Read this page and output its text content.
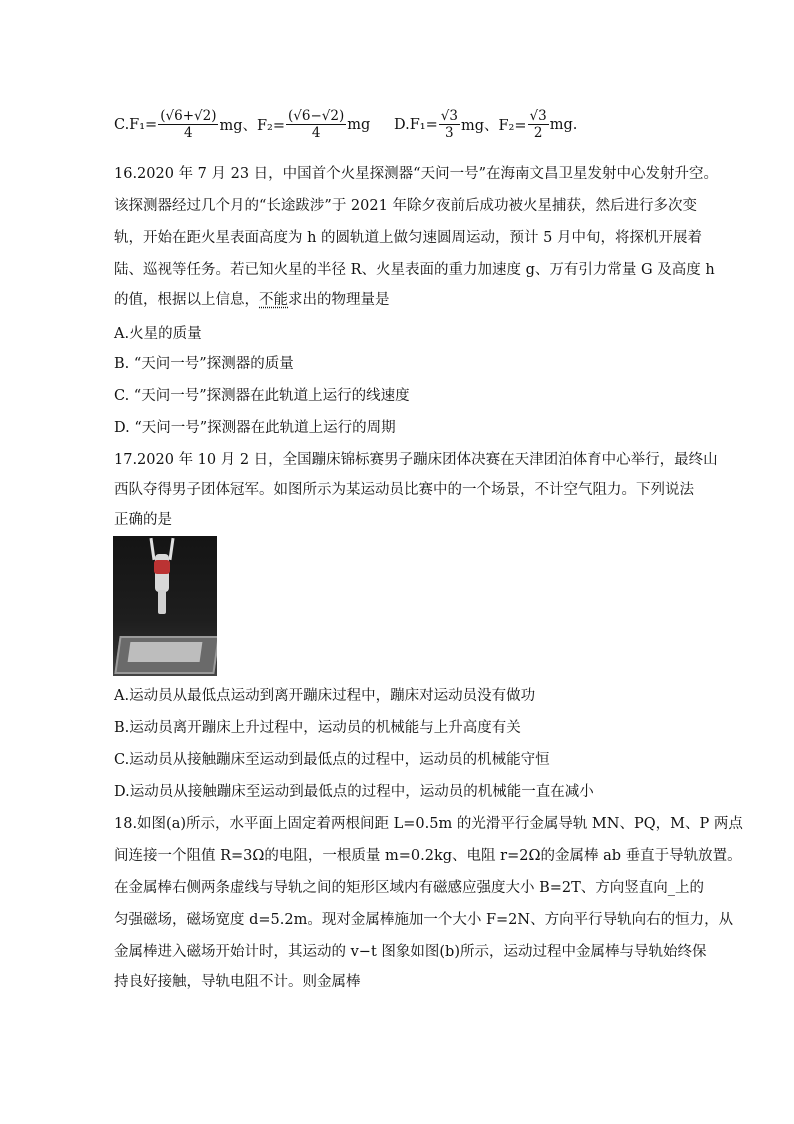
$C.F_1= \frac{(√6+√2)}{4}$ mg、$F_2= \frac{(√6-√2)}{4}$ mg $D.F_1= \frac{√3}{3}$ mg、$F_2= \frac{√3}{2}$ mg.
16.2020 年 7 月 23 日，中国首个火星探测器“天问一号”在海南文昌卫星发射中心发射升空。
该探测器经过几个月的“长途跋涉”于 2021 年除夕夜前后成功被火星捕获，然后进行多次变
轨，开始在距火星表面高度为 h 的圆轨道上做匀速圆周运动，预计 5 月中旬，将探机开展着
陆、巡视等任务。若已知火星的半径 R、火星表面的重力加速度 g、万有引力常量 G 及高度 h
的值，根据以上信息，不能求出的物理量是
A.火星的质量
B. “天问一号”探测器的质量
C. “天问一号”探测器在此轨道上运行的线速度
D. “天问一号”探测器在此轨道上运行的周期
17.2020 年 10 月 2 日，全国蹦床锦标赛男子蹦床团体决赛在天津团泊体育中心举行，最终山
西队夺得男子团体冠军。如图所示为某运动员比赛中的一个场景，不计空气阻力。下列说法
正确的是
A.运动员从最低点运动到离开蹦床过程中，蹦床对运动员没有做功
B.运动员离开蹦床上升过程中，运动员的机械能与上升高度有关
C.运动员从接触蹦床至运动到最低点的过程中，运动员的机械能守恒
D.运动员从接触蹦床至运动到最低点的过程中，运动员的机械能一直在减小
18.如图(a)所示，水平面上固定着两根间距 L=0.5m 的光滑平行金属导轨 MN、PQ，M、P 两点
间连接一个阻值 R=3Ω的电阻，一根质量 m=0.2kg、电阻 r=2Ω的金属棒 ab 垂直于导轨放置。
在金属棒右侧两条虚线与导轨之间的矩形区域内有磁感应强度大小 B=2T、方向竖直向_上的
匀强磁场，磁场宽度 d=5.2m。现对金属棒施加一个大小 F=2N、方向平行导轨向右的恒力，从
金属棒进入磁场开始计时，其运动的 v−t 图象如图(b)所示，运动过程中金属棒与导轨始终保
持良好接触，导轨电阻不计。则金属棒
